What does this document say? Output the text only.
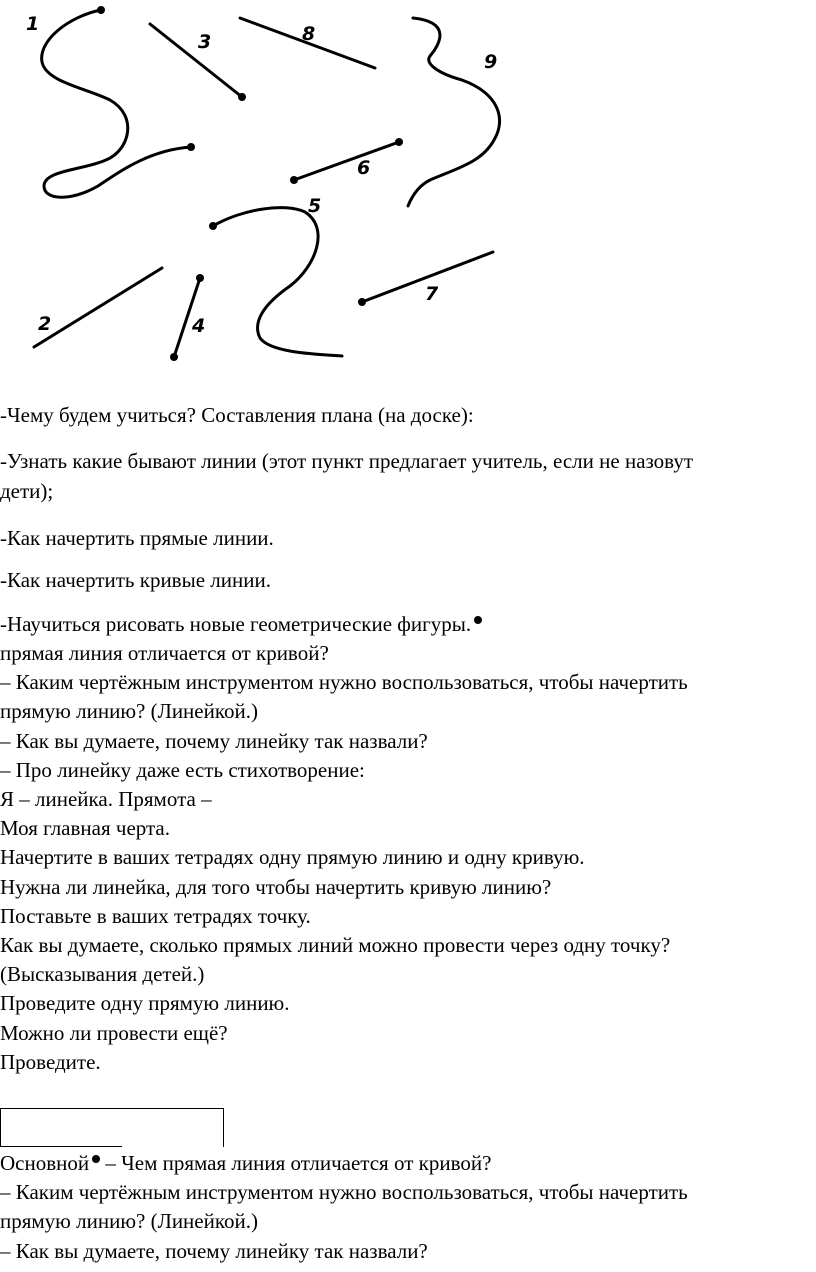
1
2
3
4
5
6
7
8
9

-Чему будем учиться? Составления плана (на доске):

-Узнать какие бывают линии (этот пункт предлагает учитель, если не назовут

дети);

-Как начертить прямые линии.

-Как начертить кривые линии.

-Научиться рисовать новые геометрические фигуры.

прямая линия отличается от кривой?
– Каким чертёжным инструментом нужно воспользоваться, чтобы начертить
прямую линию? (Линейкой.)
– Как вы думаете, почему линейку так назвали?
– Про линейку даже есть стихотворение:
Я – линейка. Прямота –
Моя главная черта.
Начертите в ваших тетрадях одну прямую линию и одну кривую.
Нужна ли линейка, для того чтобы начертить кривую линию?
Поставьте в ваших тетрадях точку.
Как вы думаете, сколько прямых линий можно провести через одну точку?
(Высказывания детей.)
Проведите одну прямую линию.
Можно ли провести ещё?
Проведите.
Основной – Чем прямая линия отличается от кривой?
– Каким чертёжным инструментом нужно воспользоваться, чтобы начертить
прямую линию? (Линейкой.)
– Как вы думаете, почему линейку так назвали?
